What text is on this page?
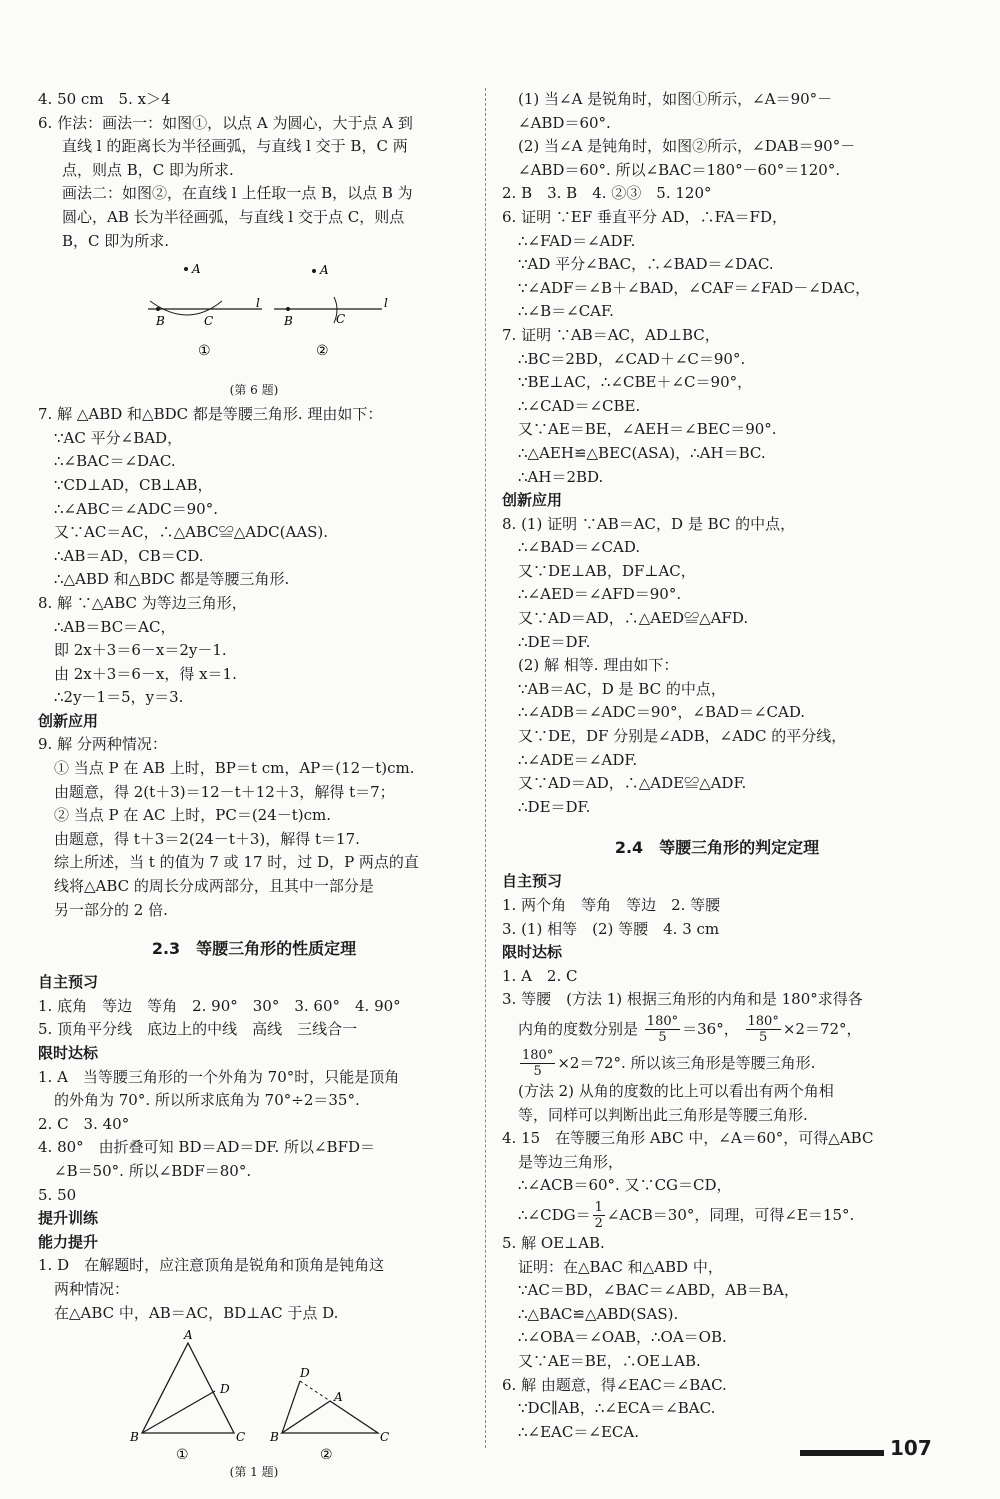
4. 50 cm　5. x＞4
6. 作法：画法一：如图①，以点 A 为圆心，大于点 A 到
直线 l 的距离长为半径画弧，与直线 l 交于 B，C 两
点，则点 B，C 即为所求.
画法二：如图②，在直线 l 上任取一点 B，以点 B 为
圆心，AB 长为半径画弧，与直线 l 交于点 C，则点
B，C 即为所求.
A
B	C
l
①
A
B	C
l
②
(第 6 题)
7. 解 △ABD 和△BDC 都是等腰三角形. 理由如下：
∵AC 平分∠BAD，
∴∠BAC＝∠DAC.
∵CD⊥AD，CB⊥AB，
∴∠ABC＝∠ADC＝90°.
又∵AC＝AC，∴△ABC≌△ADC(AAS).
∴AB＝AD，CB＝CD.
∴△ABD 和△BDC 都是等腰三角形.
8. 解 ∵△ABC 为等边三角形，
∴AB＝BC＝AC，
即 2x＋3＝6－x＝2y－1.
由 2x＋3＝6－x，得 x＝1.
∴2y－1＝5，y＝3.
创新应用
9. 解 分两种情况：
① 当点 P 在 AB 上时，BP＝t cm，AP＝(12－t)cm.
由题意，得 2(t＋3)＝12－t＋12＋3，解得 t＝7；
② 当点 P 在 AC 上时，PC＝(24－t)cm.
由题意，得 t＋3＝2(24－t＋3)，解得 t＝17.
综上所述，当 t 的值为 7 或 17 时，过 D，P 两点的直
线将△ABC 的周长分成两部分，且其中一部分是
另一部分的 2 倍.
2.3　等腰三角形的性质定理
自主预习
1. 底角　等边　等角　2. 90°　30°　3. 60°　4. 90°
5. 顶角平分线　底边上的中线　高线　三线合一
限时达标
1. A　当等腰三角形的一个外角为 70°时，只能是顶角
的外角为 70°. 所以所求底角为 70°÷2＝35°.
2. C　3. 40°
4. 80°　由折叠可知 BD＝AD＝DF. 所以∠BFD＝
∠B＝50°. 所以∠BDF＝80°.
5. 50
提升训练
能力提升
1. D　在解题时，应注意顶角是锐角和顶角是钝角这
两种情况：
在△ABC 中，AB＝AC，BD⊥AC 于点 D.
A
B	C
D
①
A
B	C
D
②
(第 1 题)
(1) 当∠A 是锐角时，如图①所示，∠A＝90°－
∠ABD＝60°.
(2) 当∠A 是钝角时，如图②所示，∠DAB＝90°－
∠ABD＝60°. 所以∠BAC＝180°－60°＝120°.
2. B　3. B　4. ②③　5. 120°
6. 证明 ∵EF 垂直平分 AD，∴FA＝FD，
∴∠FAD＝∠ADF.
∵AD 平分∠BAC，∴∠BAD＝∠DAC.
∵∠ADF＝∠B＋∠BAD，∠CAF＝∠FAD－∠DAC，
∴∠B＝∠CAF.
7. 证明 ∵AB＝AC，AD⊥BC，
∴BC＝2BD，∠CAD＋∠C＝90°.
∵BE⊥AC，∴∠CBE＋∠C＝90°，
∴∠CAD＝∠CBE.
又∵AE＝BE，∠AEH＝∠BEC＝90°.
∴△AEH≌△BEC(ASA)，∴AH＝BC.
∴AH＝2BD.
创新应用
8. (1) 证明 ∵AB＝AC，D 是 BC 的中点，
∴∠BAD＝∠CAD.
又∵DE⊥AB，DF⊥AC，
∴∠AED＝∠AFD＝90°.
又∵AD＝AD，∴△AED≌△AFD.
∴DE＝DF.
(2) 解 相等. 理由如下：
∵AB＝AC，D 是 BC 的中点，
∴∠ADB＝∠ADC＝90°，∠BAD＝∠CAD.
又∵DE，DF 分别是∠ADB，∠ADC 的平分线，
∴∠ADE＝∠ADF.
又∵AD＝AD，∴△ADE≌△ADF.
∴DE＝DF.
2.4　等腰三角形的判定定理
自主预习
1. 两个角　等角　等边　2. 等腰
3. (1) 相等　(2) 等腰　4. 3 cm
限时达标
1. A　2. C
3. 等腰　(方法 1) 根据三角形的内角和是 180°求得各
内角的度数分别是 $\frac{180^\circ}{5} =36^\circ$， $\frac{180^\circ}{5} \times 2=72^\circ$，
$\frac{180^\circ}{5} \times 2=72^\circ$. 所以该三角形是等腰三角形.
(方法 2) 从角的度数的比上可以看出有两个角相
等，同样可以判断出此三角形是等腰三角形.
4. 15　在等腰三角形 ABC 中，∠A＝60°，可得△ABC
是等边三角形，
∴∠ACB＝60°. 又∵CG＝CD，
∴∠CDG＝ $\frac{1}{2}$ ∠ACB＝30°，同理，可得∠E＝15°.
5. 解 OE⊥AB.
证明：在△BAC 和△ABD 中，
∵AC＝BD，∠BAC＝∠ABD，AB＝BA，
∴△BAC≌△ABD(SAS).
∴∠OBA＝∠OAB，∴OA＝OB.
又∵AE＝BE，∴OE⊥AB.
6. 解 由题意，得∠EAC＝∠BAC.
∵DC∥AB，∴∠ECA＝∠BAC.
∴∠EAC＝∠ECA.
107
